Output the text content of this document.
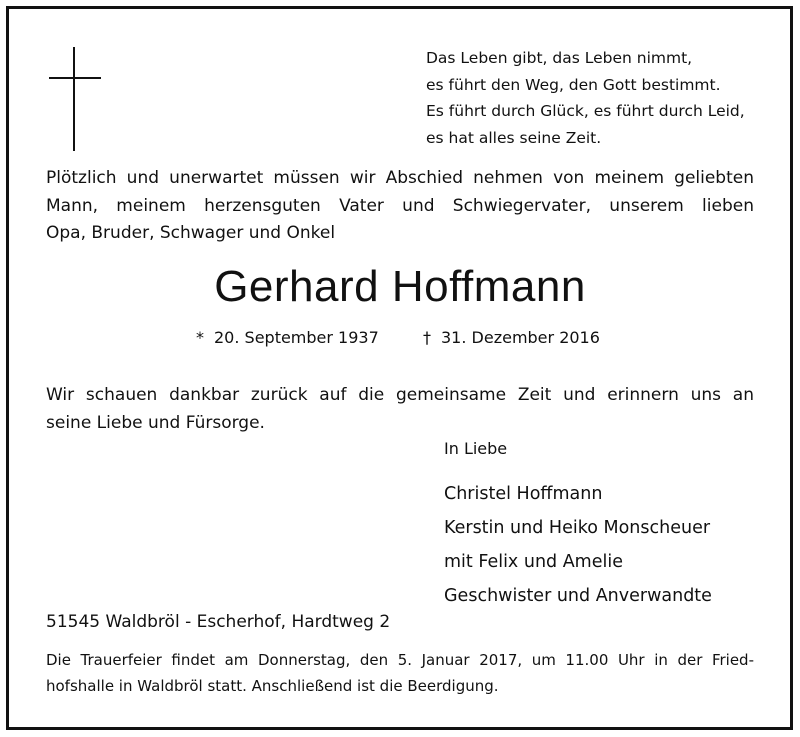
Das Leben gibt, das Leben nimmt,
es führt den Weg, den Gott bestimmt.
Es führt durch Glück, es führt durch Leid,
es hat alles seine Zeit.
Plötzlich und unerwartet müssen wir Abschied nehmen von meinem geliebten
Mann, meinem herzensguten Vater und Schwiegervater, unserem lieben
Opa, Bruder, Schwager und Onkel
Gerhard Hoffmann
* 20. September 1937	† 31. Dezember 2016
Wir schauen dankbar zurück auf die gemeinsame Zeit und erinnern uns an
seine Liebe und Fürsorge.
In Liebe
Christel Hoffmann
Kerstin und Heiko Monscheuer
mit Felix und Amelie
Geschwister und Anverwandte
51545 Waldbröl - Escherhof, Hardtweg 2
Die Trauerfeier findet am Donnerstag, den 5. Januar 2017, um 11.00 Uhr in der Fried-
hofshalle in Waldbröl statt. Anschließend ist die Beerdigung.
